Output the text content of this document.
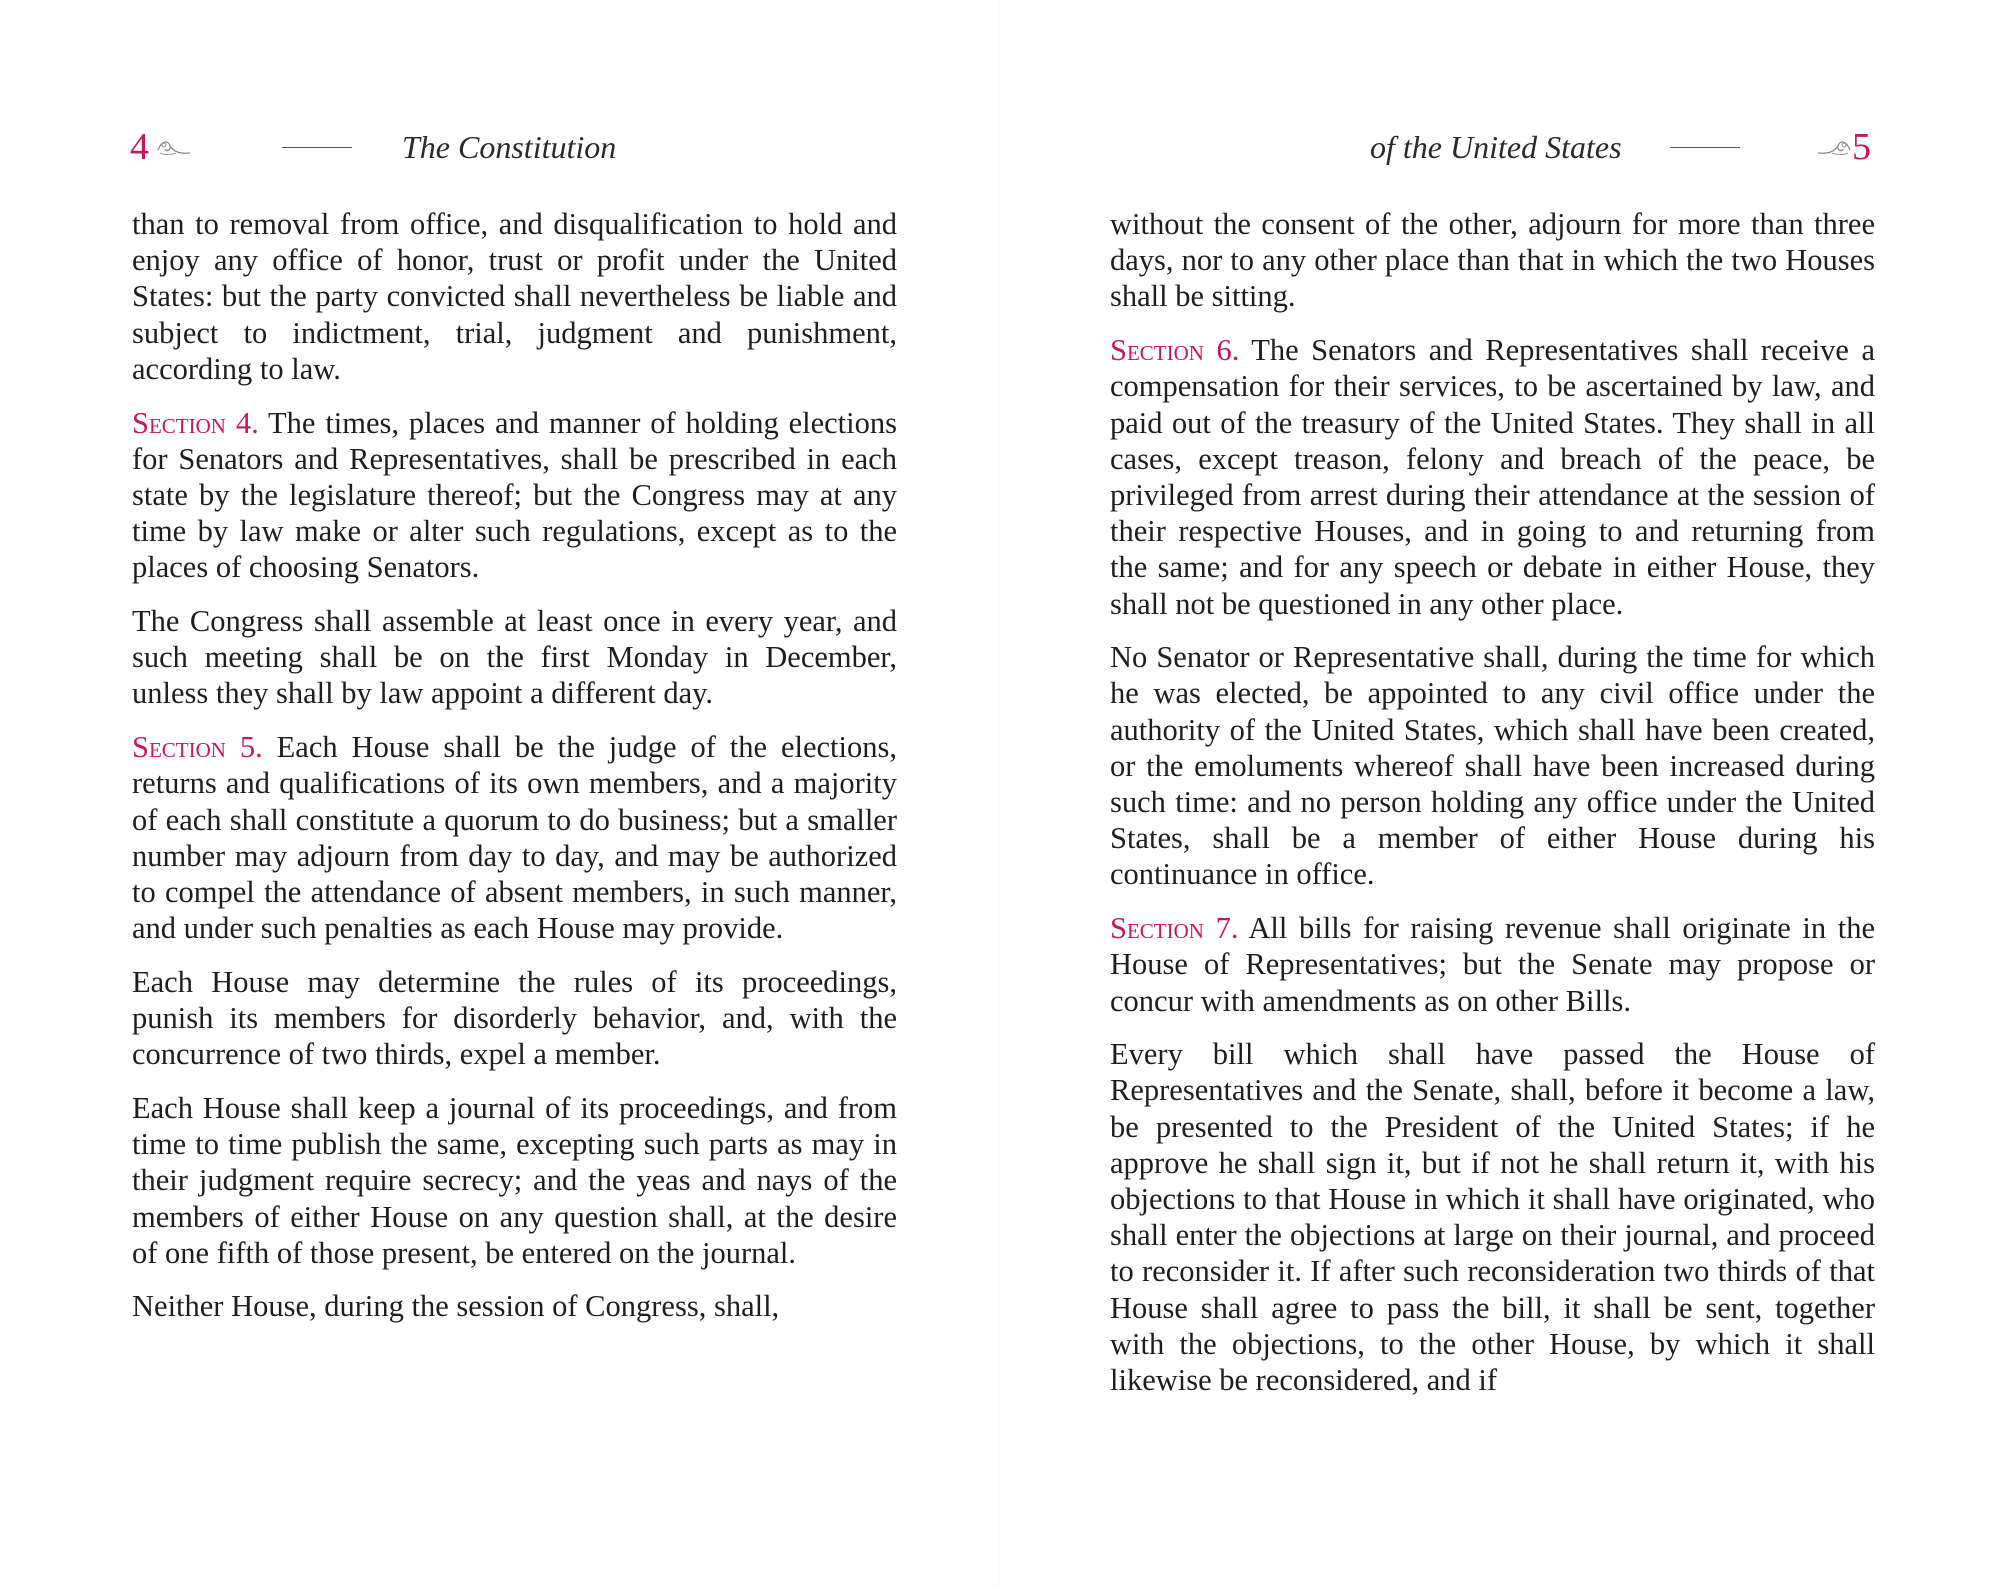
4	The Constitution

than to removal from office, and disqualification to hold and enjoy any office of honor, trust or profit under the United States: but the party convicted shall nevertheless be liable and subject to indictment, trial, judgment and punishment, according to law.

Section 4. The times, places and manner of holding elections for Senators and Representatives, shall be prescribed in each state by the legislature thereof; but the Congress may at any time by law make or alter such regulations, except as to the places of choosing Senators.

The Congress shall assemble at least once in every year, and such meeting shall be on the first Monday in December, unless they shall by law appoint a different day.

Section 5. Each House shall be the judge of the elections, returns and qualifications of its own members, and a majority of each shall constitute a quorum to do business; but a smaller number may adjourn from day to day, and may be authorized to compel the attendance of absent members, in such manner, and under such penalties as each House may provide.

Each House may determine the rules of its proceedings, punish its members for disorderly behavior, and, with the concurrence of two thirds, expel a member.

Each House shall keep a journal of its proceedings, and from time to time publish the same, excepting such parts as may in their judgment require secrecy; and the yeas and nays of the members of either House on any question shall, at the desire of one fifth of those present, be entered on the journal.

Neither House, during the session of Congress, shall,

of the United States	5

without the consent of the other, adjourn for more than three days, nor to any other place than that in which the two Houses shall be sitting.

Section 6. The Senators and Representatives shall receive a compensation for their services, to be ascertained by law, and paid out of the treasury of the United States. They shall in all cases, except treason, felony and breach of the peace, be privileged from arrest during their attendance at the session of their respective Houses, and in going to and returning from the same; and for any speech or debate in either House, they shall not be questioned in any other place.

No Senator or Representative shall, during the time for which he was elected, be appointed to any civil office under the authority of the United States, which shall have been created, or the emoluments whereof shall have been increased during such time: and no person holding any office under the United States, shall be a member of either House during his continuance in office.

Section 7. All bills for raising revenue shall originate in the House of Representatives; but the Senate may propose or concur with amendments as on other Bills.

Every bill which shall have passed the House of Representatives and the Senate, shall, before it become a law, be presented to the President of the United States; if he approve he shall sign it, but if not he shall return it, with his objections to that House in which it shall have originated, who shall enter the objections at large on their journal, and proceed to reconsider it. If after such reconsideration two thirds of that House shall agree to pass the bill, it shall be sent, together with the objections, to the other House, by which it shall likewise be reconsidered, and if
